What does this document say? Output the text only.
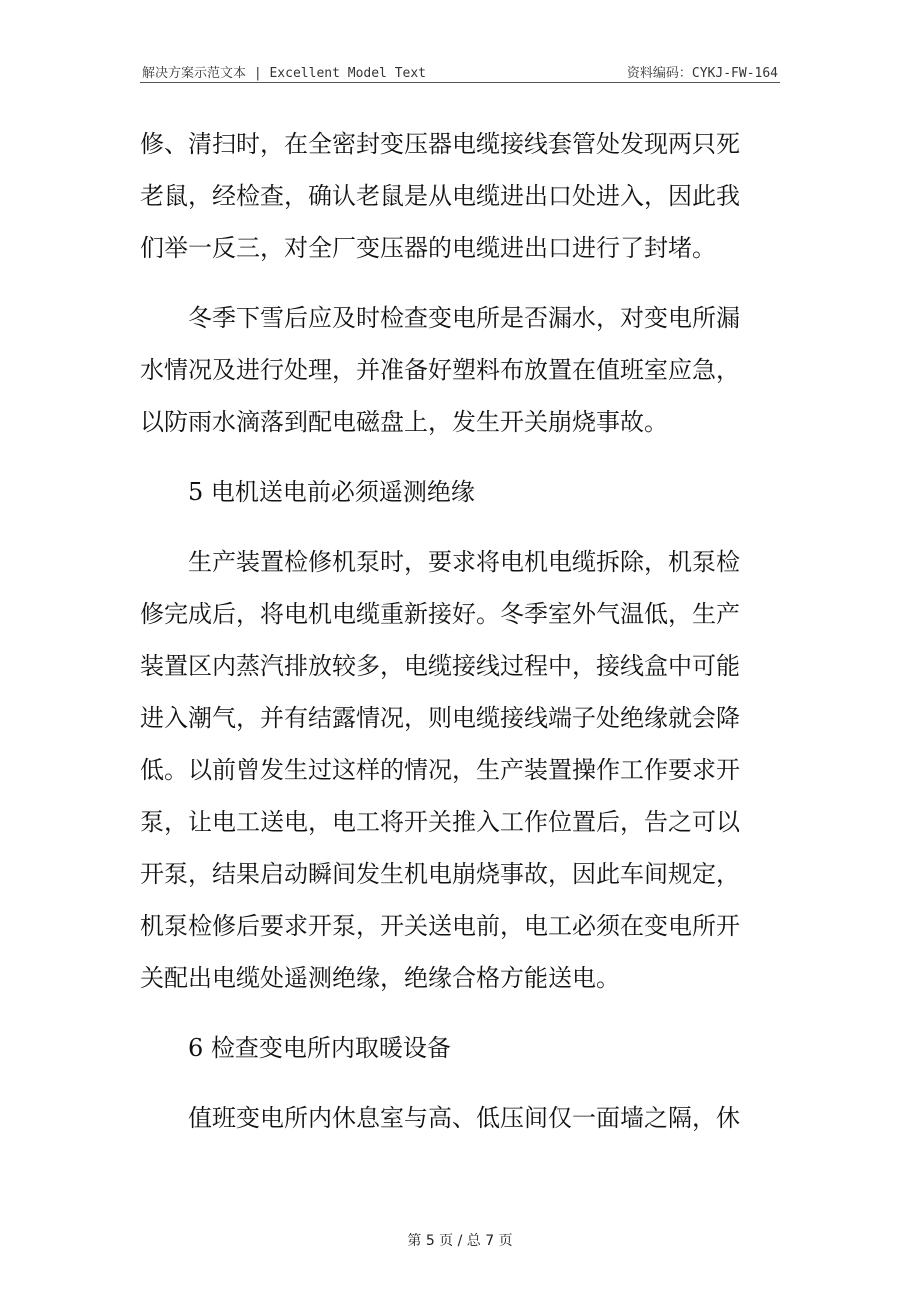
解决方案示范文本 | Excellent Model Text	资料编码：CYKJ-FW-164
修、清扫时，在全密封变压器电缆接线套管处发现两只死
老鼠，经检查，确认老鼠是从电缆进出口处进入，因此我
们举一反三，对全厂变压器的电缆进出口进行了封堵。
冬季下雪后应及时检查变电所是否漏水，对变电所漏
水情况及进行处理，并准备好塑料布放置在值班室应急，
以防雨水滴落到配电磁盘上，发生开关崩烧事故。
5 电机送电前必须遥测绝缘
生产装置检修机泵时，要求将电机电缆拆除，机泵检
修完成后，将电机电缆重新接好。冬季室外气温低，生产
装置区内蒸汽排放较多，电缆接线过程中，接线盒中可能
进入潮气，并有结露情况，则电缆接线端子处绝缘就会降
低。以前曾发生过这样的情况，生产装置操作工作要求开
泵，让电工送电，电工将开关推入工作位置后，告之可以
开泵，结果启动瞬间发生机电崩烧事故，因此车间规定，
机泵检修后要求开泵，开关送电前，电工必须在变电所开
关配出电缆处遥测绝缘，绝缘合格方能送电。
6 检查变电所内取暖设备
值班变电所内休息室与高、低压间仅一面墙之隔，休
第 5 页 / 总 7 页
